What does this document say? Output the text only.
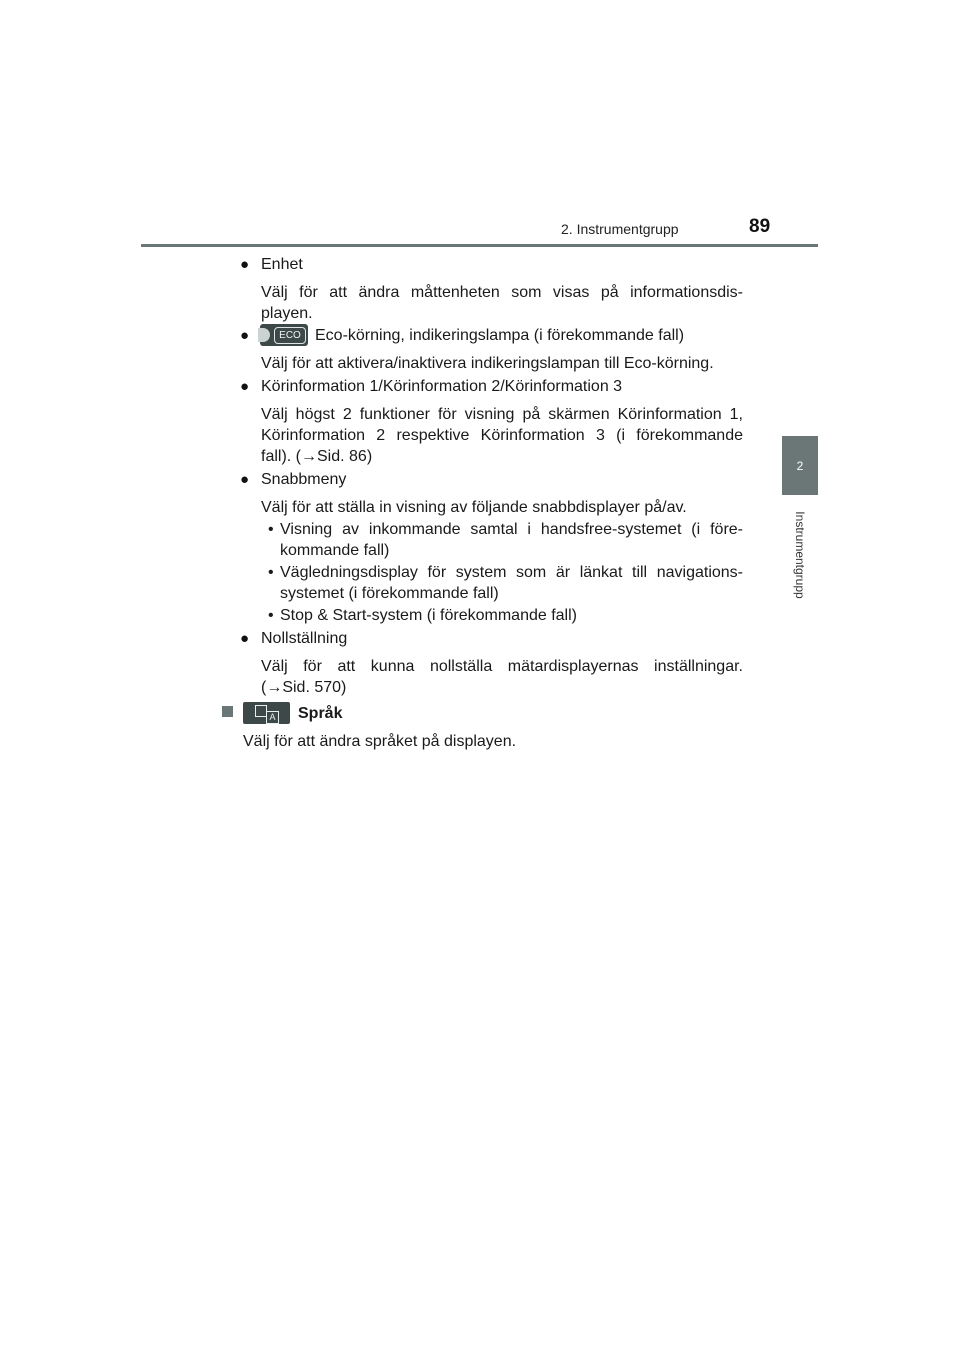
2. Instrumentgrupp	89
2
Instrumentgrupp
● Enhet
Välj för att ändra måttenheten som visas på informationsdis-
playen.
●	ECO Eco-körning, indikeringslampa (i förekommande fall)
Välj för att aktivera/inaktivera indikeringslampan till Eco-körning.
● Körinformation 1/Körinformation 2/Körinformation 3
Välj högst 2 funktioner för visning på skärmen Körinformation 1,
Körinformation 2 respektive Körinformation 3 (i förekommande
fall). (→Sid. 86)
● Snabbmeny
Välj för att ställa in visning av följande snabbdisplayer på/av.
• Visning av inkommande samtal i handsfree-systemet (i före-
kommande fall)
• Vägledningsdisplay för system som är länkat till navigations-
systemet (i förekommande fall)
• Stop & Start-system (i förekommande fall)
● Nollställning
Välj för att kunna nollställa mätardisplayernas inställningar.
(→Sid. 570)
A Språk
Välj för att ändra språket på displayen.
